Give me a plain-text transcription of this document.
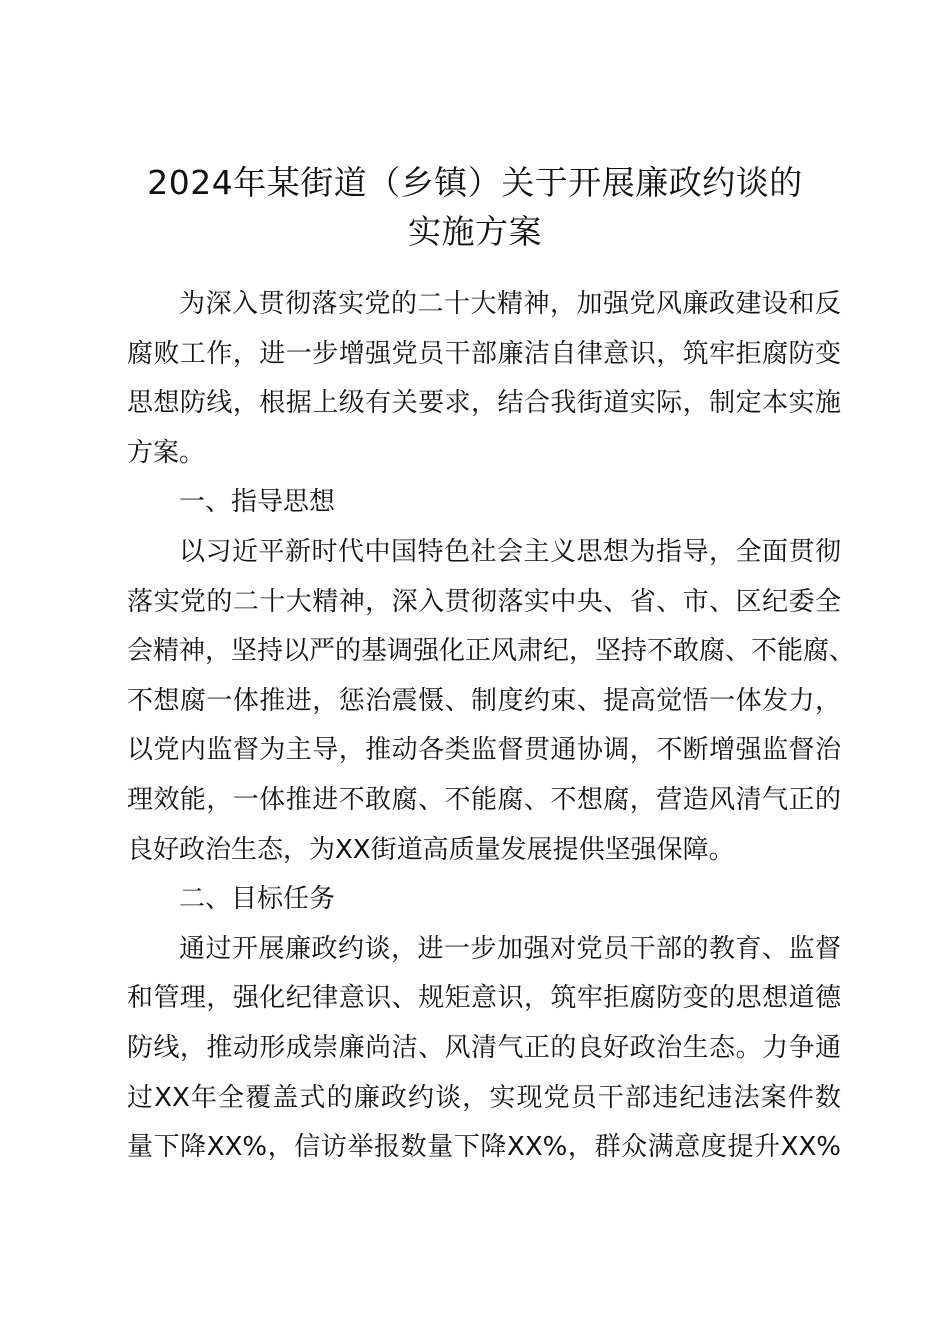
2024年某街道（乡镇）关于开展廉政约谈的
实施方案
为深入贯彻落实党的二十大精神，加强党风廉政建设和反
腐败工作，进一步增强党员干部廉洁自律意识，筑牢拒腐防变
思想防线，根据上级有关要求，结合我街道实际，制定本实施
方案。
一、指导思想
以习近平新时代中国特色社会主义思想为指导，全面贯彻
落实党的二十大精神，深入贯彻落实中央、省、市、区纪委全
会精神，坚持以严的基调强化正风肃纪，坚持不敢腐、不能腐、
不想腐一体推进，惩治震慑、制度约束、提高觉悟一体发力，
以党内监督为主导，推动各类监督贯通协调，不断增强监督治
理效能，一体推进不敢腐、不能腐、不想腐，营造风清气正的
良好政治生态，为XX街道高质量发展提供坚强保障。
二、目标任务
通过开展廉政约谈，进一步加强对党员干部的教育、监督
和管理，强化纪律意识、规矩意识，筑牢拒腐防变的思想道德
防线，推动形成崇廉尚洁、风清气正的良好政治生态。力争通
过XX年全覆盖式的廉政约谈，实现党员干部违纪违法案件数
量下降XX%，信访举报数量下降XX%，群众满意度提升XX%
